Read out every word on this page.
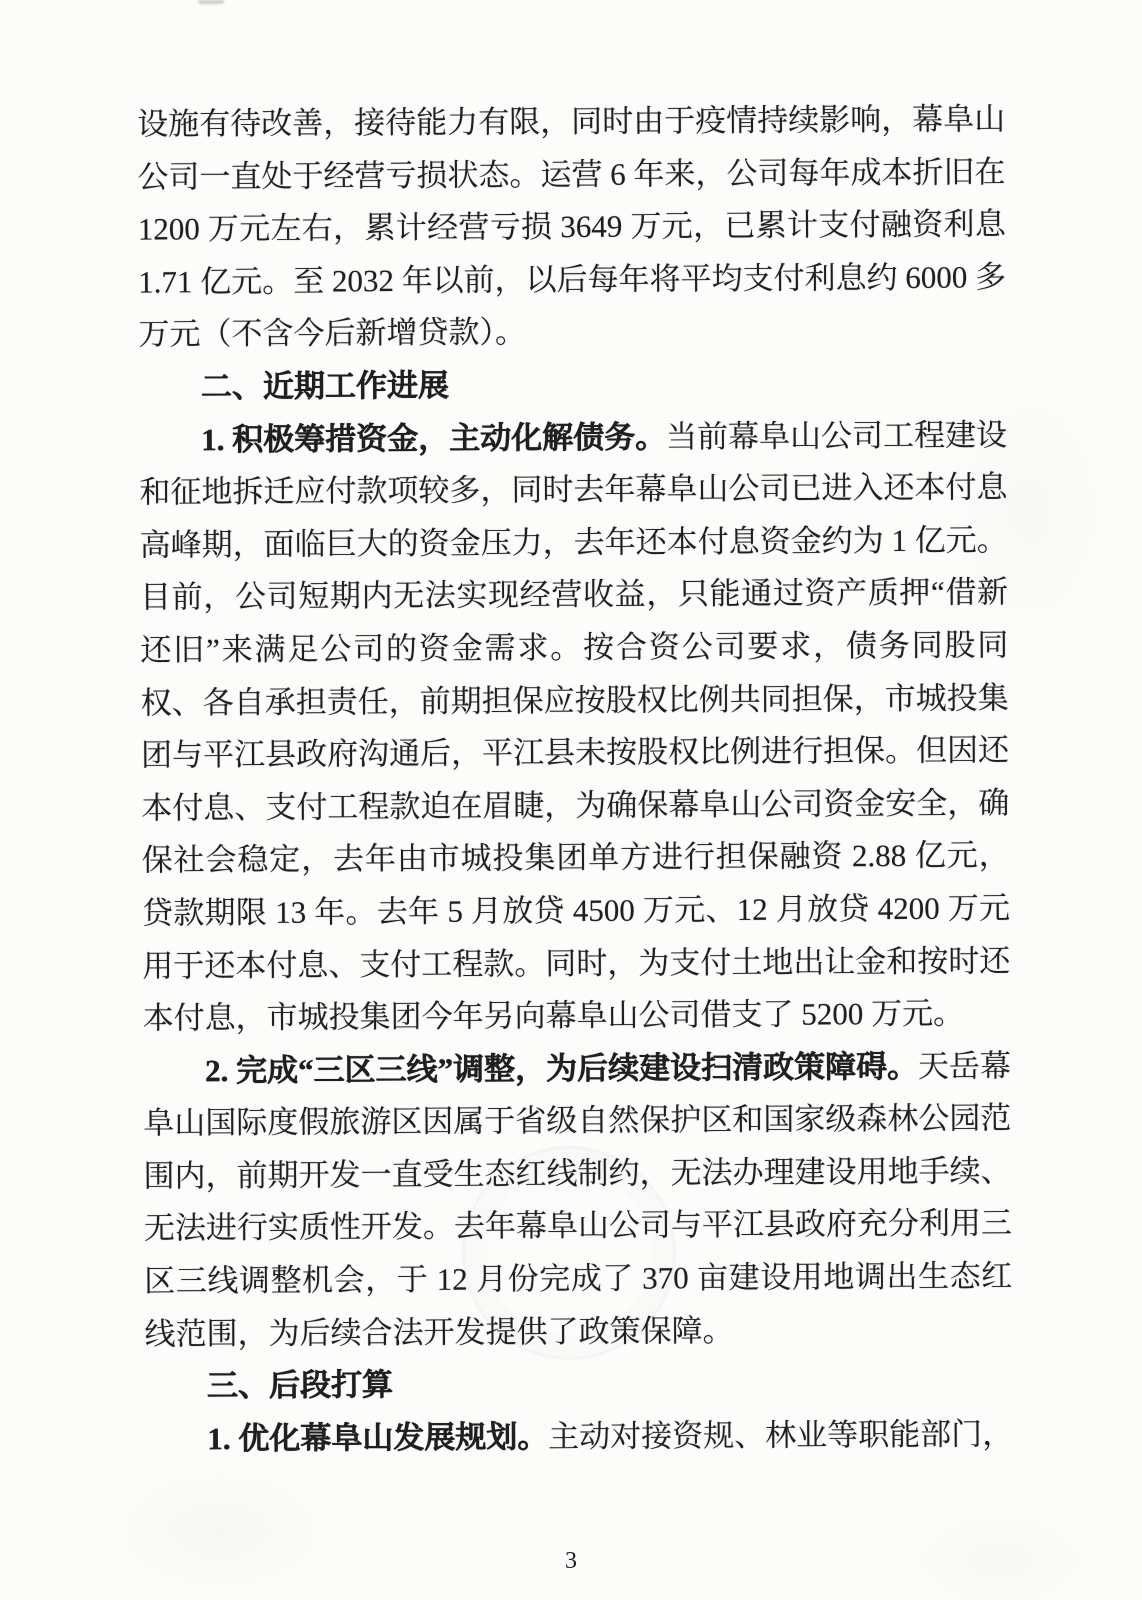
设施有待改善，接待能力有限，同时由于疫情持续影响，幕阜山公司一直处于经营亏损状态。运营 6 年来，公司每年成本折旧在 1200 万元左右，累计经营亏损 3649 万元，已累计支付融资利息 1.71 亿元。至 2032 年以前，以后每年将平均支付利息约 6000 多万元（不含今后新增贷款）。

二、近期工作进展

1. 积极筹措资金，主动化解债务。当前幕阜山公司工程建设和征地拆迁应付款项较多，同时去年幕阜山公司已进入还本付息高峰期，面临巨大的资金压力，去年还本付息资金约为 1 亿元。目前，公司短期内无法实现经营收益，只能通过资产质押“借新还旧”来满足公司的资金需求。按合资公司要求，债务同股同权、各自承担责任，前期担保应按股权比例共同担保，市城投集团与平江县政府沟通后，平江县未按股权比例进行担保。但因还本付息、支付工程款迫在眉睫，为确保幕阜山公司资金安全，确保社会稳定，去年由市城投集团单方进行担保融资 2.88 亿元，贷款期限 13 年。去年 5 月放贷 4500 万元、12 月放贷 4200 万元用于还本付息、支付工程款。同时，为支付土地出让金和按时还本付息，市城投集团今年另向幕阜山公司借支了 5200 万元。

2. 完成“三区三线”调整，为后续建设扫清政策障碍。天岳幕阜山国际度假旅游区因属于省级自然保护区和国家级森林公园范围内，前期开发一直受生态红线制约，无法办理建设用地手续、无法进行实质性开发。去年幕阜山公司与平江县政府充分利用三区三线调整机会，于 12 月份完成了 370 亩建设用地调出生态红线范围，为后续合法开发提供了政策保障。

三、后段打算

1. 优化幕阜山发展规划。主动对接资规、林业等职能部门，

3
